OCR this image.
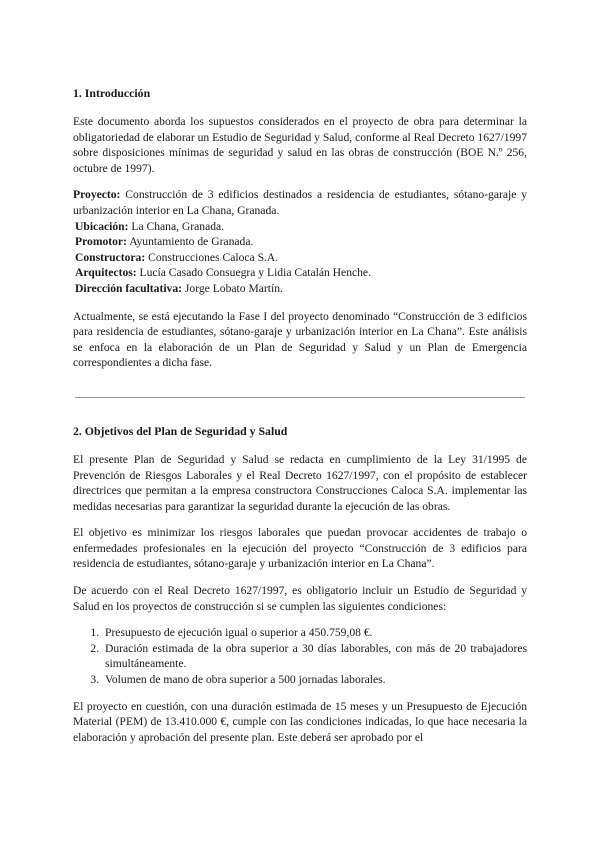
1. Introducción

Este documento aborda los supuestos considerados en el proyecto de obra para determinar la obligatoriedad de elaborar un Estudio de Seguridad y Salud, conforme al Real Decreto 1627/1997 sobre disposiciones mínimas de seguridad y salud en las obras de construcción (BOE N.º 256, octubre de 1997).

Proyecto: Construcción de 3 edificios destinados a residencia de estudiantes, sótano-garaje y urbanización interior en La Chana, Granada.
Ubicación: La Chana, Granada.
Promotor: Ayuntamiento de Granada.
Constructora: Construcciones Caloca S.A.
Arquitectos: Lucía Casado Consuegra y Lidia Catalán Henche.
Dirección facultativa: Jorge Lobato Martín.

Actualmente, se está ejecutando la Fase I del proyecto denominado “Construcción de 3 edificios para residencia de estudiantes, sótano-garaje y urbanización interior en La Chana”. Este análisis se enfoca en la elaboración de un Plan de Seguridad y Salud y un Plan de Emergencia correspondientes a dicha fase.

2. Objetivos del Plan de Seguridad y Salud

El presente Plan de Seguridad y Salud se redacta en cumplimiento de la Ley 31/1995 de Prevención de Riesgos Laborales y el Real Decreto 1627/1997, con el propósito de establecer directrices que permitan a la empresa constructora Construcciones Caloca S.A. implementar las medidas necesarias para garantizar la seguridad durante la ejecución de las obras.

El objetivo es minimizar los riesgos laborales que puedan provocar accidentes de trabajo o enfermedades profesionales en la ejecución del proyecto “Construcción de 3 edificios para residencia de estudiantes, sótano-garaje y urbanización interior en La Chana”.

De acuerdo con el Real Decreto 1627/1997, es obligatorio incluir un Estudio de Seguridad y Salud en los proyectos de construcción si se cumplen las siguientes condiciones:

1. Presupuesto de ejecución igual o superior a 450.759,08 €.
2. Duración estimada de la obra superior a 30 días laborables, con más de 20 trabajadores simultáneamente.
3. Volumen de mano de obra superior a 500 jornadas laborales.

El proyecto en cuestión, con una duración estimada de 15 meses y un Presupuesto de Ejecución Material (PEM) de 13.410.000 €, cumple con las condiciones indicadas, lo que hace necesaria la elaboración y aprobación del presente plan. Este deberá ser aprobado por el
